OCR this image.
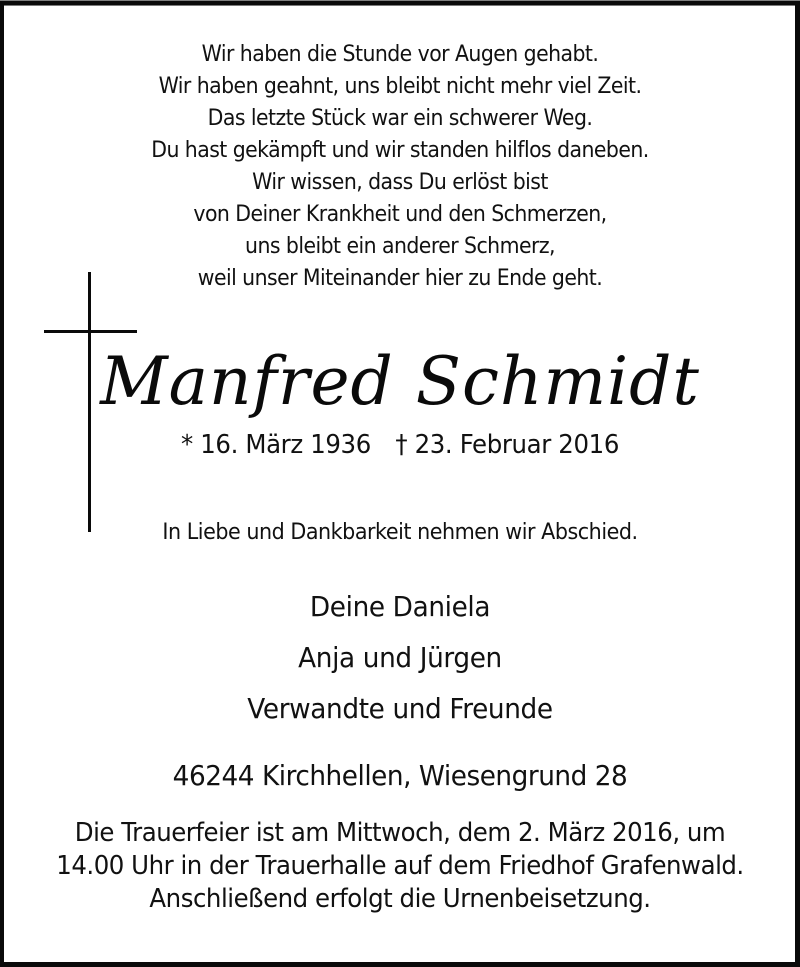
Wir haben die Stunde vor Augen gehabt.
Wir haben geahnt, uns bleibt nicht mehr viel Zeit.
Das letzte Stück war ein schwerer Weg.
Du hast gekämpft und wir standen hilflos daneben.
Wir wissen, dass Du erlöst bist
von Deiner Krankheit und den Schmerzen,
uns bleibt ein anderer Schmerz,
weil unser Miteinander hier zu Ende geht.
Manfred Schmidt
* 16. März 1936 † 23. Februar 2016
In Liebe und Dankbarkeit nehmen wir Abschied.
Deine Daniela
Anja und Jürgen
Verwandte und Freunde
46244 Kirchhellen, Wiesengrund 28
Die Trauerfeier ist am Mittwoch, dem 2. März 2016, um
14.00 Uhr in der Trauerhalle auf dem Friedhof Grafenwald.
Anschließend erfolgt die Urnenbeisetzung.
